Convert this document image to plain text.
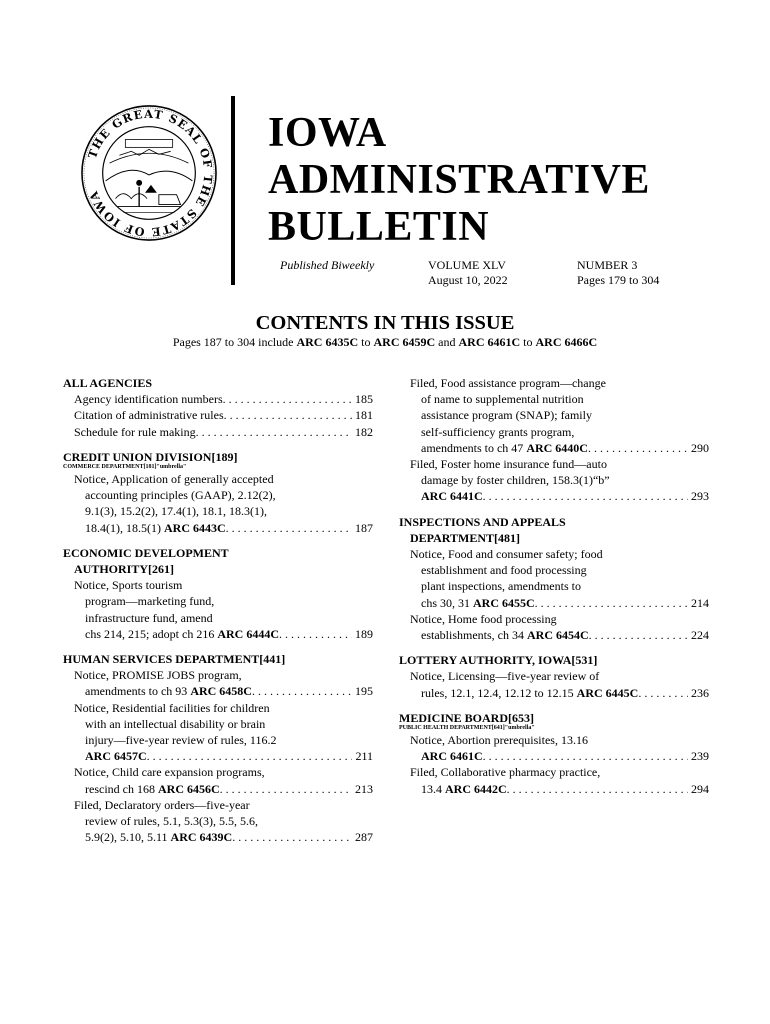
THE GREAT SEAL OF THE STATE OF IOWA
IOWA
ADMINISTRATIVE
BULLETIN
Published Biweekly	VOLUME XLV
August 10, 2022
NUMBER 3
Pages 179 to 304
CONTENTS IN THIS ISSUE
Pages 187 to 304 include ARC 6435C to ARC 6459C and ARC 6461C to ARC 6466C
ALL AGENCIES
Agency identification numbers . . .	185
Citation of administrative rules . . .	181
Schedule for rule making . . .	182
CREDIT UNION DIVISION[189]
COMMERCE DEPARTMENT[181]"umbrella"
Notice, Application of generally accepted
accounting principles (GAAP), 2.12(2),
9.1(3), 15.2(2), 17.4(1), 18.1, 18.3(1),
18.4(1), 18.5(1) ARC 6443C . . .	187
ECONOMIC DEVELOPMENT
AUTHORITY[261]
Notice, Sports tourism
program—marketing fund,
infrastructure fund, amend
chs 214, 215; adopt ch 216 ARC 6444C . . .	189
HUMAN SERVICES DEPARTMENT[441]
Notice, PROMISE JOBS program,
amendments to ch 93 ARC 6458C . . .	195
Notice, Residential facilities for children
with an intellectual disability or brain
injury—five-year review of rules, 116.2
ARC 6457C . . .	211
Notice, Child care expansion programs,
rescind ch 168 ARC 6456C . . .	213
Filed, Declaratory orders—five-year
review of rules, 5.1, 5.3(3), 5.5, 5.6,
5.9(2), 5.10, 5.11 ARC 6439C . . .	287
Filed, Food assistance program—change
of name to supplemental nutrition
assistance program (SNAP); family
self-sufficiency grants program,
amendments to ch 47 ARC 6440C . . .	290
Filed, Foster home insurance fund—auto
damage by foster children, 158.3(1)“b”
ARC 6441C . . .	293
INSPECTIONS AND APPEALS
DEPARTMENT[481]
Notice, Food and consumer safety; food
establishment and food processing
plant inspections, amendments to
chs 30, 31 ARC 6455C . . .	214
Notice, Home food processing
establishments, ch 34 ARC 6454C . . .	224
LOTTERY AUTHORITY, IOWA[531]
Notice, Licensing—five-year review of
rules, 12.1, 12.4, 12.12 to 12.15 ARC 6445C . . .	236
MEDICINE BOARD[653]
PUBLIC HEALTH DEPARTMENT[641]"umbrella"
Notice, Abortion prerequisites, 13.16
ARC 6461C . . .	239
Filed, Collaborative pharmacy practice,
13.4 ARC 6442C . . .	294
